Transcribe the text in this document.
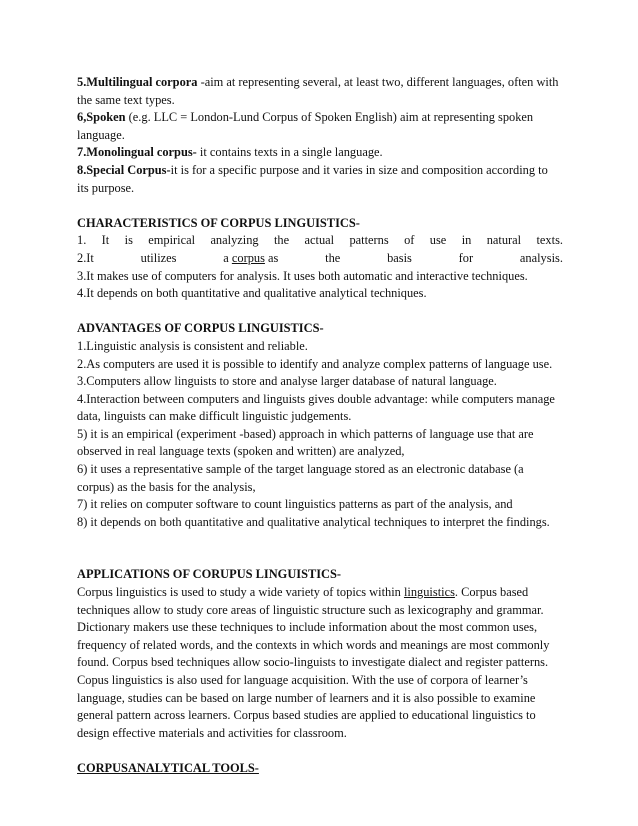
5.Multilingual corpora -aim at representing several, at least two, different languages, often with
the same text types.
6,Spoken (e.g. LLC = London-Lund Corpus of Spoken English) aim at representing spoken
language.
7.Monolingual corpus- it contains texts in a single language.
8.Special Corpus-it is for a specific purpose and it varies in size and composition according to
its purpose.
CHARACTERISTICS OF CORPUS LINGUISTICS-
1. It is empirical analyzing the actual patterns of use in natural texts.
2.It	utilizes	a corpus as	the	basis	for	analysis.
3.It makes use of computers for analysis. It uses both automatic and interactive techniques.
4.It depends on both quantitative and qualitative analytical techniques.
ADVANTAGES OF CORPUS LINGUISTICS-
1.Linguistic analysis is consistent and reliable.
2.As computers are used it is possible to identify and analyze complex patterns of language use.
3.Computers allow linguists to store and analyse larger database of natural language.
4.Interaction between computers and linguists gives double advantage: while computers manage
data, linguists can make difficult linguistic judgements.
5) it is an empirical (experiment -based) approach in which patterns of language use that are
observed in real language texts (spoken and written) are analyzed,
6) it uses a representative sample of the target language stored as an electronic database (a
corpus) as the basis for the analysis,
7) it relies on computer software to count linguistics patterns as part of the analysis, and
8) it depends on both quantitative and qualitative analytical techniques to interpret the findings.
APPLICATIONS OF CORUPUS LINGUISTICS-
Corpus linguistics is used to study a wide variety of topics within linguistics. Corpus based
techniques allow to study core areas of linguistic structure such as lexicography and grammar.
Dictionary makers use these techniques to include information about the most common uses,
frequency of related words, and the contexts in which words and meanings are most commonly
found. Corpus bsed techniques allow socio-linguists to investigate dialect and register patterns.
Copus linguistics is also used for language acquisition. With the use of corpora of learner’s
language, studies can be based on large number of learners and it is also possible to examine
general pattern across learners. Corpus based studies are applied to educational linguistics to
design effective materials and activities for classroom.
CORPUSANALYTICAL TOOLS-
